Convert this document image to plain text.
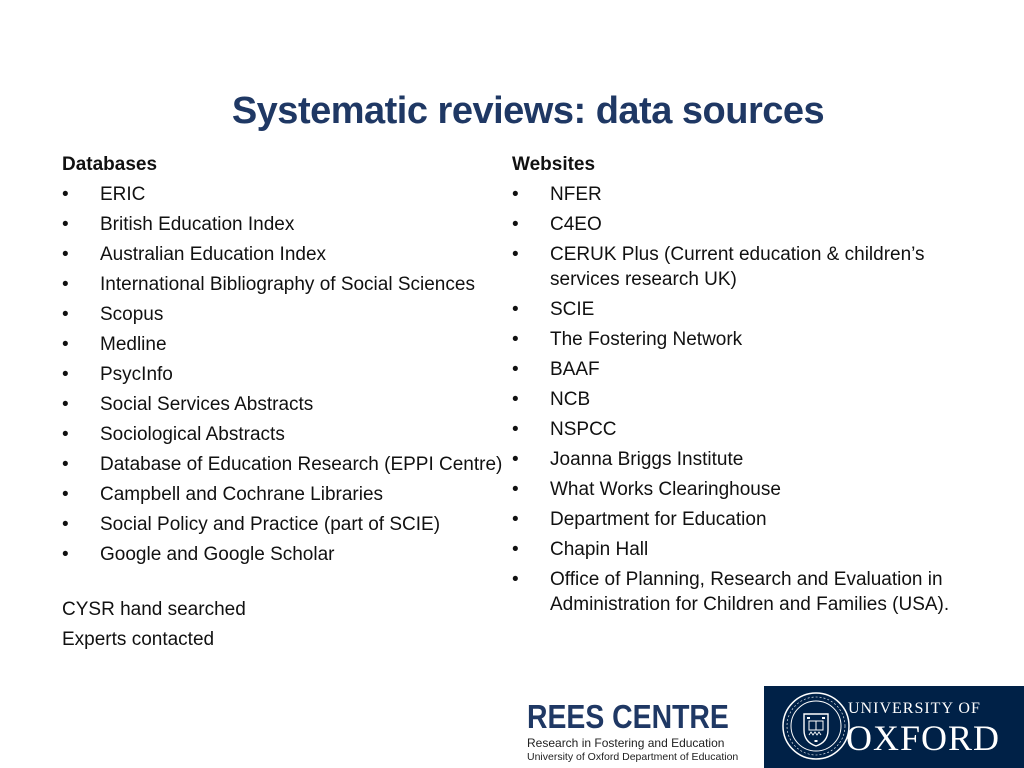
Systematic reviews: data sources
Databases
•	ERIC
•	British Education Index
•	Australian Education Index
•	International Bibliography of Social Sciences
•	Scopus
•	Medline
•	PsycInfo
•	Social Services Abstracts
•	Sociological Abstracts
•	Database of Education Research (EPPI Centre)
•	Campbell and Cochrane Libraries
•	Social Policy and Practice (part of SCIE)
•	Google and Google Scholar
CYSR hand searched
Experts contacted
Websites
•	NFER
•	C4EO
•	CERUK Plus (Current education & children’s services research UK)
•	SCIE
•	The Fostering Network
•	BAAF
•	NCB
•	NSPCC
•	Joanna Briggs Institute
•	What Works Clearinghouse
•	Department for Education
•	Chapin Hall
•	Office of Planning, Research and Evaluation in Administration for Children and Families (USA).
REES CENTRE
Research in Fostering and Education
University of Oxford Department of Education
UNIVERSITY OF
OXFORD
